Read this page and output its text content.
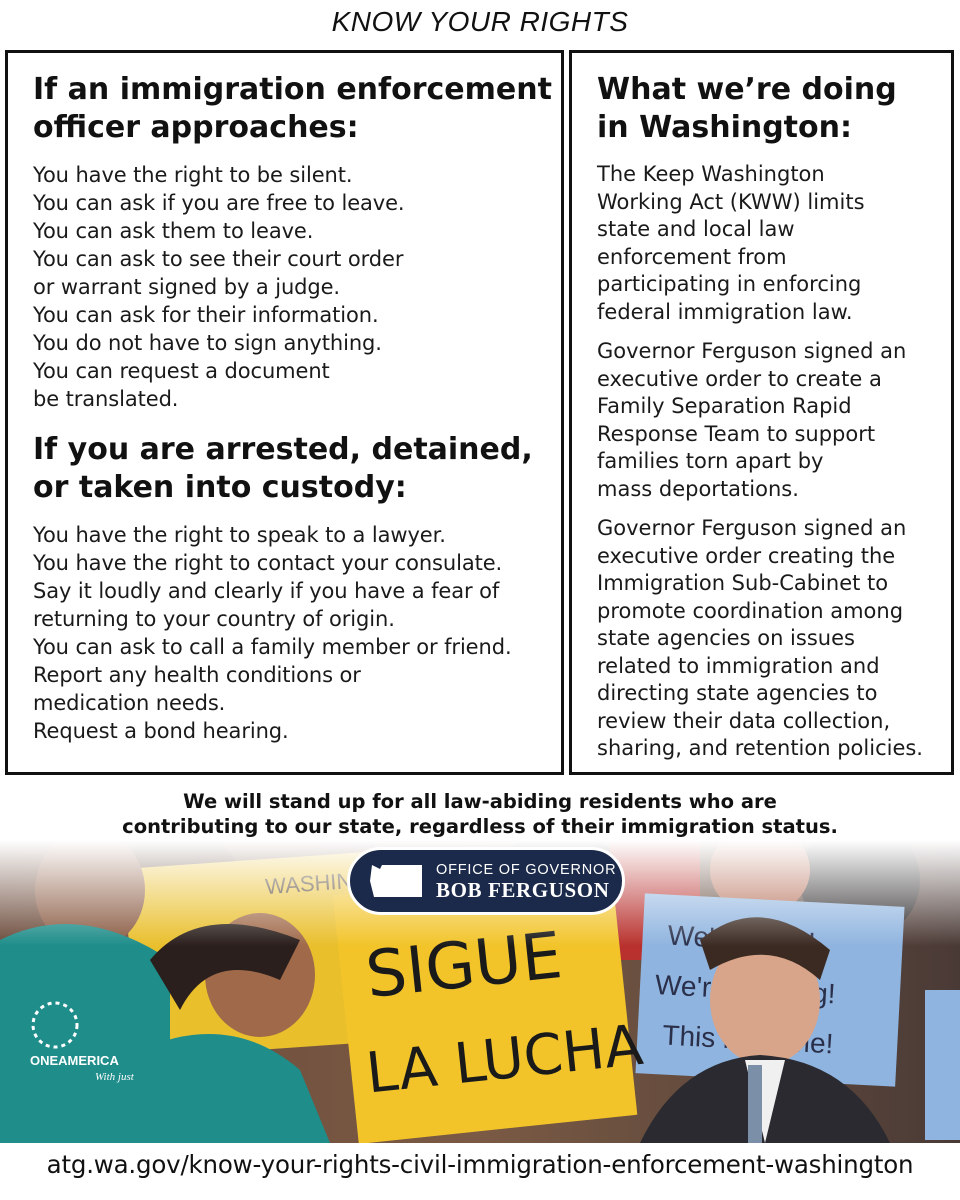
KNOW YOUR RIGHTS
If an immigration enforcement
officer approaches:
You have the right to be silent.
You can ask if you are free to leave.
You can ask them to leave.
You can ask to see their court order
or warrant signed by a judge.
You can ask for their information.
You do not have to sign anything.
You can request a document
be translated.
If you are arrested, detained,
or taken into custody:
You have the right to speak to a lawyer.
You have the right to contact your consulate.
Say it loudly and clearly if you have a fear of
returning to your country of origin.
You can ask to call a family member or friend.
Report any health conditions or
medication needs.
Request a bond hearing.
What we’re doing
in Washington:
The Keep Washington
Working Act (KWW) limits
state and local law
enforcement from
participating in enforcing
federal immigration law.
Governor Ferguson signed an
executive order to create a
Family Separation Rapid
Response Team to support
families torn apart by
mass deportations.
Governor Ferguson signed an
executive order creating the
Immigration Sub-Cabinet to
promote coordination among
state agencies on issues
related to immigration and
directing state agencies to
review their data collection,
sharing, and retention policies.
We will stand up for all law-abiding residents who are
contributing to our state, regardless of their immigration status.
OFFICE OF GOVERNOR
BOB FERGUSON
atg.wa.gov/know-your-rights-civil-immigration-enforcement-washington
